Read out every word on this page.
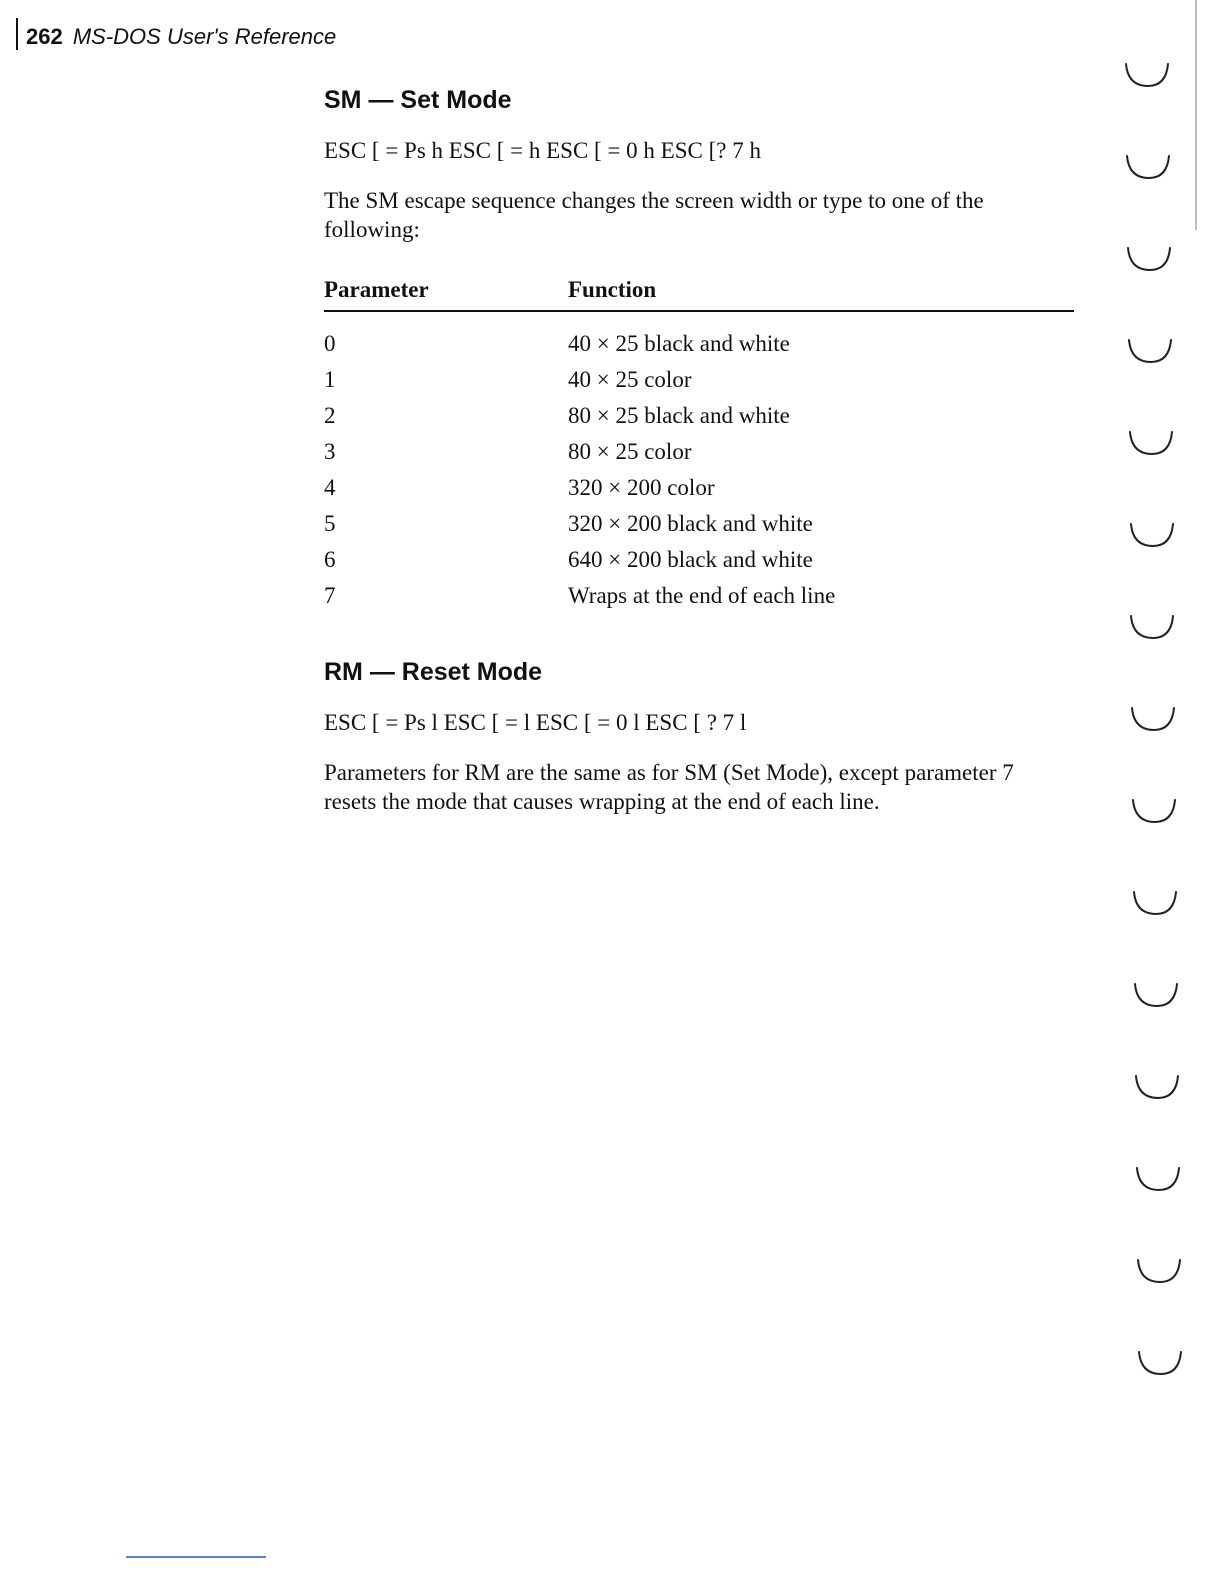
262 MS-DOS User's Reference
SM — Set Mode

ESC [ = Ps h ESC [ = h ESC [ = 0 h ESC [? 7 h

The SM escape sequence changes the screen width or type to one of the following:

Parameter	Function
0	40 × 25 black and white
1	40 × 25 color
2	80 × 25 black and white
3	80 × 25 color
4	320 × 200 color
5	320 × 200 black and white
6	640 × 200 black and white
7	Wraps at the end of each line
RM — Reset Mode

ESC [ = Ps l ESC [ = l ESC [ = 0 l ESC [ ? 7 l

Parameters for RM are the same as for SM (Set Mode), except parameter 7 resets the mode that causes wrapping at the end of each line.
